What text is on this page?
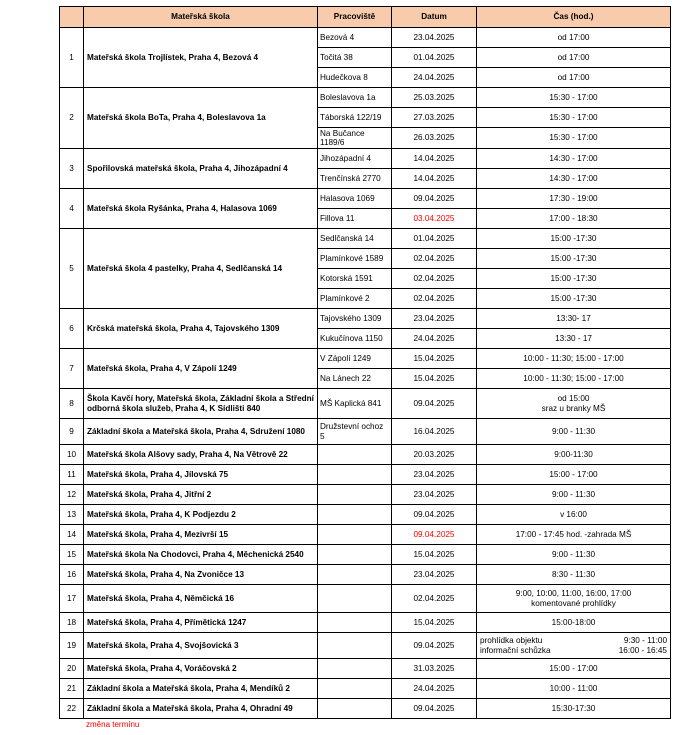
	Mateřská škola	Pracoviště	Datum	Čas (hod.)
1	Mateřská škola Trojlístek, Praha 4, Bezová 4	Bezová 4	23.04.2025	od 17:00
		Točitá 38	01.04.2025	od 17:00
		Hudečkova 8	24.04.2025	od 17:00
2	Mateřská škola BoTa, Praha 4, Boleslavova 1a	Boleslavova 1a	25.03.2025	15:30 - 17:00
		Táborská 122/19	27.03.2025	15:30 - 17:00
		Na Bučance 1189/6	26.03.2025	15:30 - 17:00
3	Spořilovská mateřská škola, Praha 4, Jihozápadní 4	Jihozápadní 4	14.04.2025	14:30 - 17:00
		Trenčínská 2770	14.04.2025	14:30 - 17:00
4	Mateřská škola Ryšánka, Praha 4, Halasova 1069	Halasova 1069	09.04.2025	17:30 - 19:00
		Fillova 11	03.04.2025	17:00 - 18:30
5	Mateřská škola 4 pastelky, Praha 4, Sedlčanská 14	Sedlčanská 14	01.04.2025	15:00 -17:30
		Plamínkové 1589	02.04.2025	15:00 -17:30
		Kotorská 1591	02.04.2025	15:00 -17:30
		Plamínkové 2	02.04.2025	15:00 -17:30
6	Krčská mateřská škola, Praha 4, Tajovského 1309	Tajovského 1309	23.04.2025	13:30- 17
		Kukučínova 1150	24.04.2025	13:30 - 17
7	Mateřská škola, Praha 4, V Zápolí 1249	V Zápolí 1249	15.04.2025	10:00 - 11:30; 15:00 - 17:00
		Na Lánech 22	15.04.2025	10:00 - 11:30; 15:00 - 17:00
8	Škola Kavčí hory, Mateřská škola, Základní škola a Střední odborná škola služeb, Praha 4, K Sídlišti 840	MŠ Kaplická 841	09.04.2025	od 15:00
sraz u branky MŠ

9	Základní škola a Mateřská škola, Praha 4, Sdružení 1080	Družstevní ochoz 5	16.04.2025	9:00 - 11:30
10	Mateřská škola Alšovy sady, Praha 4, Na Větrově 22		20.03.2025	9:00-11:30
11	Mateřská škola, Praha 4, Jílovská 75		23.04.2025	15:00 - 17:00
12	Mateřská škola, Praha 4, Jitřní 2		23.04.2025	9:00 - 11:30
13	Mateřská škola, Praha 4, K Podjezdu 2		09.04.2025	v 16:00
14	Mateřská škola, Praha 4, Mezivrší 15		09.04.2025	17:00 - 17:45 hod. -zahrada MŠ
15	Mateřská škola Na Chodovci, Praha 4, Měchenická 2540		15.04.2025	9:00 - 11:30
16	Mateřská škola, Praha 4, Na Zvoničce 13		23.04.2025	8:30 - 11:30
17	Mateřská škola, Praha 4, Němčická 16		02.04.2025	9:00, 10:00, 11:00, 16:00, 17:00
komentované prohlídky

18	Mateřská škola, Praha 4, Přímětická 1247		15.04.2025	15:00-18:00
19	Mateřská škola, Praha 4, Svojšovická 3		09.04.2025	prohlídka objektu 9:30 - 11:00
informační schůzka 16:00 - 16:45

20	Mateřská škola, Praha 4, Voráčovská 2		31.03.2025	15:00 - 17:00
21	Základní škola a Mateřská škola, Praha 4, Mendíků 2		24.04.2025	10:00 - 11:00
22	Základní škola a Mateřská škola, Praha 4, Ohradní 49		09.04.2025	15:30-17:30
změna termínu
